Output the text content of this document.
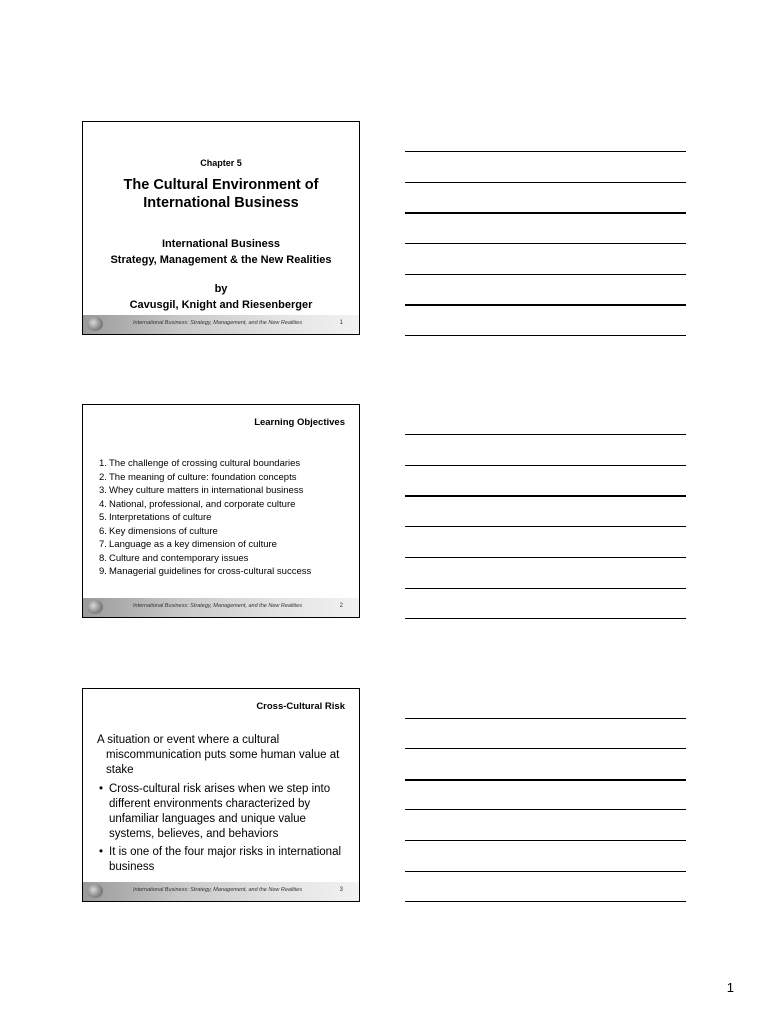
Chapter 5
The Cultural Environment of
International Business
International Business
Strategy, Management & the New Realities
by
Cavusgil, Knight and Riesenberger
International Business: Strategy, Management, and the New Realities	1
Learning Objectives
1. The challenge of crossing cultural boundaries
2. The meaning of culture: foundation concepts
3. Whey culture matters in international business
4. National, professional, and corporate culture
5. Interpretations of culture
6. Key dimensions of culture
7. Language as a key dimension of culture
8. Culture and contemporary issues
9. Managerial guidelines for cross-cultural success
International Business: Strategy, Management, and the New Realities	2
Cross-Cultural Risk
A situation or event where a cultural miscommunication puts some human value at stake
• Cross-cultural risk arises when we step into different environments characterized by unfamiliar languages and unique value systems, believes, and behaviors
• It is one of the four major risks in international business
International Business: Strategy, Management, and the New Realities	3
1
